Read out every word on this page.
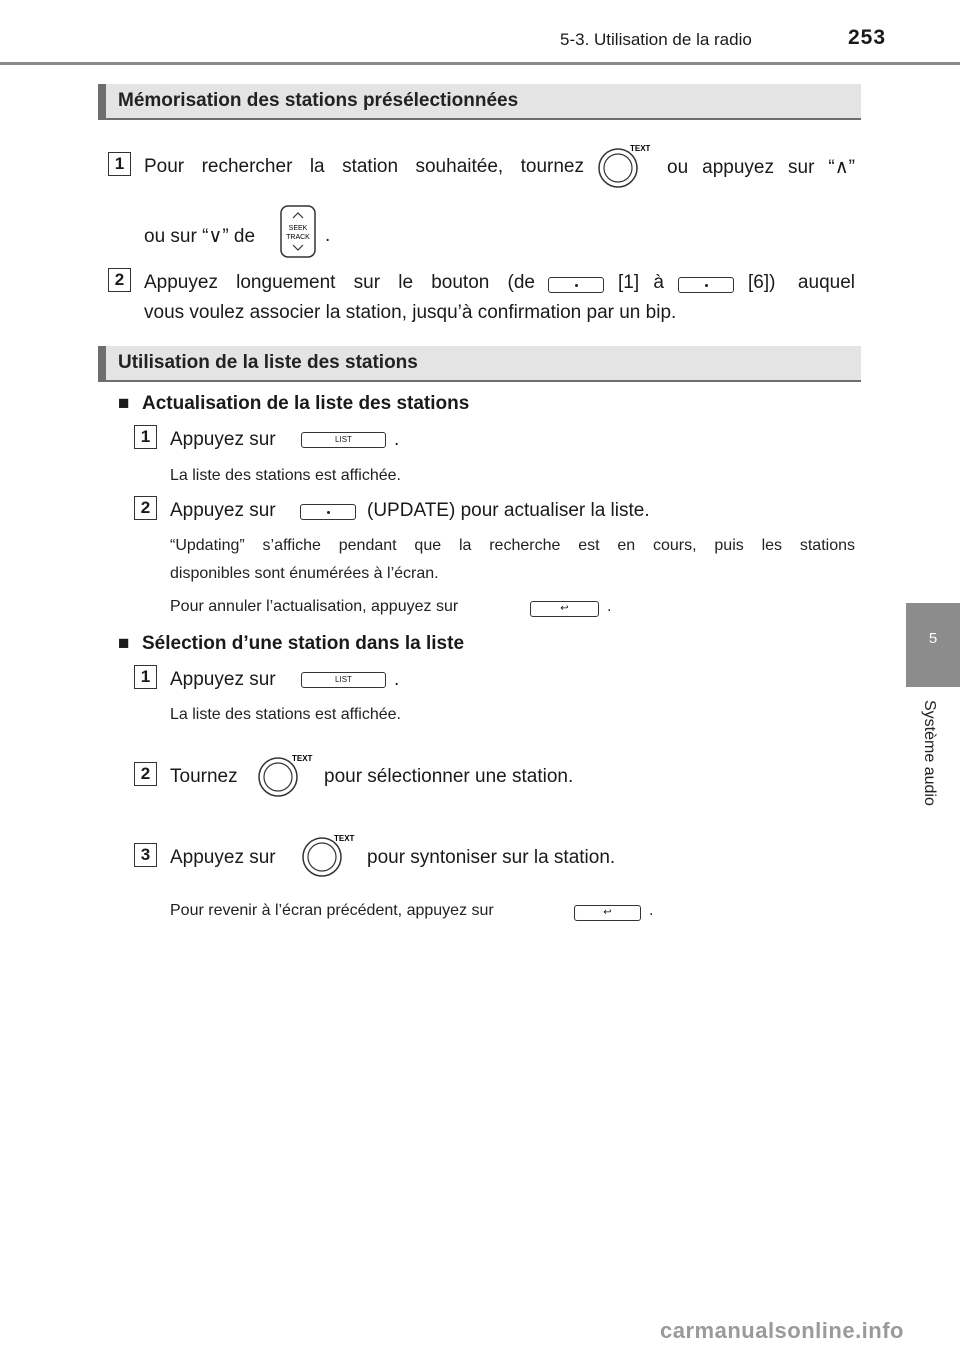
5-3. Utilisation de la radio	253
5
Système audio
Mémorisation des stations présélectionnées
1	Pour rechercher la station souhaitée, tournez
TEXT
ou appuyez sur “∧”
ou sur “∨” de	SEEK
TRACK .
2	Appuyez longuement sur le bouton (de	[1] à	[6]) auquel
vous voulez associer la station, jusqu’à confirmation par un bip.
Utilisation de la liste des stations
■ Actualisation de la liste des stations
1	Appuyez sur	LIST	.
La liste des stations est affichée.
2	Appuyez sur	(UPDATE) pour actualiser la liste.
“Updating” s’affiche pendant que la recherche est en cours, puis les stations
disponibles sont énumérées à l’écran.
Pour annuler l’actualisation, appuyez sur	↩	.
■ Sélection d’une station dans la liste
1	Appuyez sur	LIST	.
La liste des stations est affichée.
2	Tournez
TEXT
pour sélectionner une station.
3	Appuyez sur
TEXT
pour syntoniser sur la station.
Pour revenir à l’écran précédent, appuyez sur	↩	.
carmanualsonline.info
